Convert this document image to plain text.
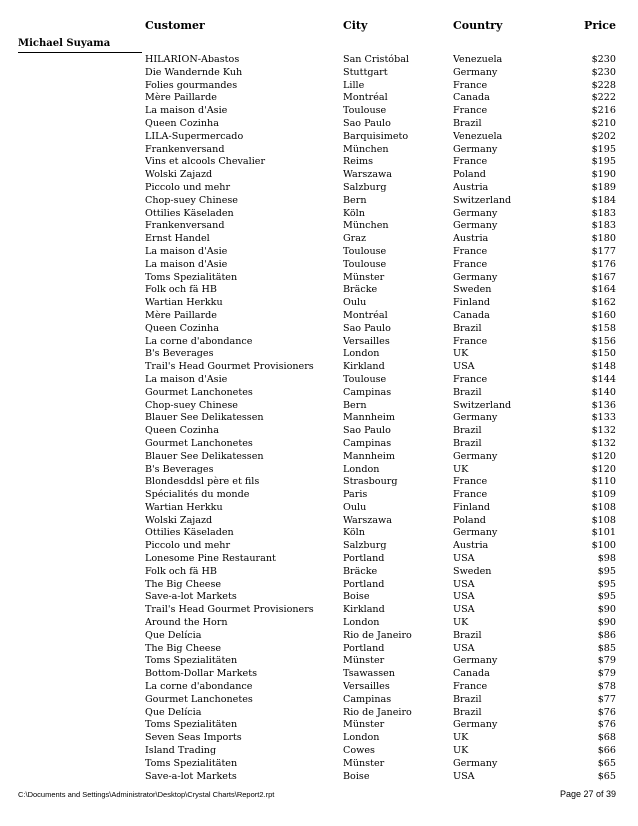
Customer	City	Country	Price
Michael Suyama
HILARION-Abastos	San Cristóbal	Venezuela	$230
Die Wandernde Kuh	Stuttgart	Germany	$230
Folies gourmandes	Lille	France	$228
Mère Paillarde	Montréal	Canada	$222
La maison d'Asie	Toulouse	France	$216
Queen Cozinha	Sao Paulo	Brazil	$210
LILA-Supermercado	Barquisimeto	Venezuela	$202
Frankenversand	München	Germany	$195
Vins et alcools Chevalier	Reims	France	$195
Wolski Zajazd	Warszawa	Poland	$190
Piccolo und mehr	Salzburg	Austria	$189
Chop-suey Chinese	Bern	Switzerland	$184
Ottilies Käseladen	Köln	Germany	$183
Frankenversand	München	Germany	$183
Ernst Handel	Graz	Austria	$180
La maison d'Asie	Toulouse	France	$177
La maison d'Asie	Toulouse	France	$176
Toms Spezialitäten	Münster	Germany	$167
Folk och fä HB	Bräcke	Sweden	$164
Wartian Herkku	Oulu	Finland	$162
Mère Paillarde	Montréal	Canada	$160
Queen Cozinha	Sao Paulo	Brazil	$158
La corne d'abondance	Versailles	France	$156
B's Beverages	London	UK	$150
Trail's Head Gourmet Provisioners	Kirkland	USA	$148
La maison d'Asie	Toulouse	France	$144
Gourmet Lanchonetes	Campinas	Brazil	$140
Chop-suey Chinese	Bern	Switzerland	$136
Blauer See Delikatessen	Mannheim	Germany	$133
Queen Cozinha	Sao Paulo	Brazil	$132
Gourmet Lanchonetes	Campinas	Brazil	$132
Blauer See Delikatessen	Mannheim	Germany	$120
B's Beverages	London	UK	$120
Blondesddsl père et fils	Strasbourg	France	$110
Spécialités du monde	Paris	France	$109
Wartian Herkku	Oulu	Finland	$108
Wolski Zajazd	Warszawa	Poland	$108
Ottilies Käseladen	Köln	Germany	$101
Piccolo und mehr	Salzburg	Austria	$100
Lonesome Pine Restaurant	Portland	USA	$98
Folk och fä HB	Bräcke	Sweden	$95
The Big Cheese	Portland	USA	$95
Save-a-lot Markets	Boise	USA	$95
Trail's Head Gourmet Provisioners	Kirkland	USA	$90
Around the Horn	London	UK	$90
Que Delícia	Rio de Janeiro	Brazil	$86
The Big Cheese	Portland	USA	$85
Toms Spezialitäten	Münster	Germany	$79
Bottom-Dollar Markets	Tsawassen	Canada	$79
La corne d'abondance	Versailles	France	$78
Gourmet Lanchonetes	Campinas	Brazil	$77
Que Delícia	Rio de Janeiro	Brazil	$76
Toms Spezialitäten	Münster	Germany	$76
Seven Seas Imports	London	UK	$68
Island Trading	Cowes	UK	$66
Toms Spezialitäten	Münster	Germany	$65
Save-a-lot Markets	Boise	USA	$65
C:\Documents and Settings\Administrator\Desktop\Crystal Charts\Report2.rpt	Page 27 of 39
